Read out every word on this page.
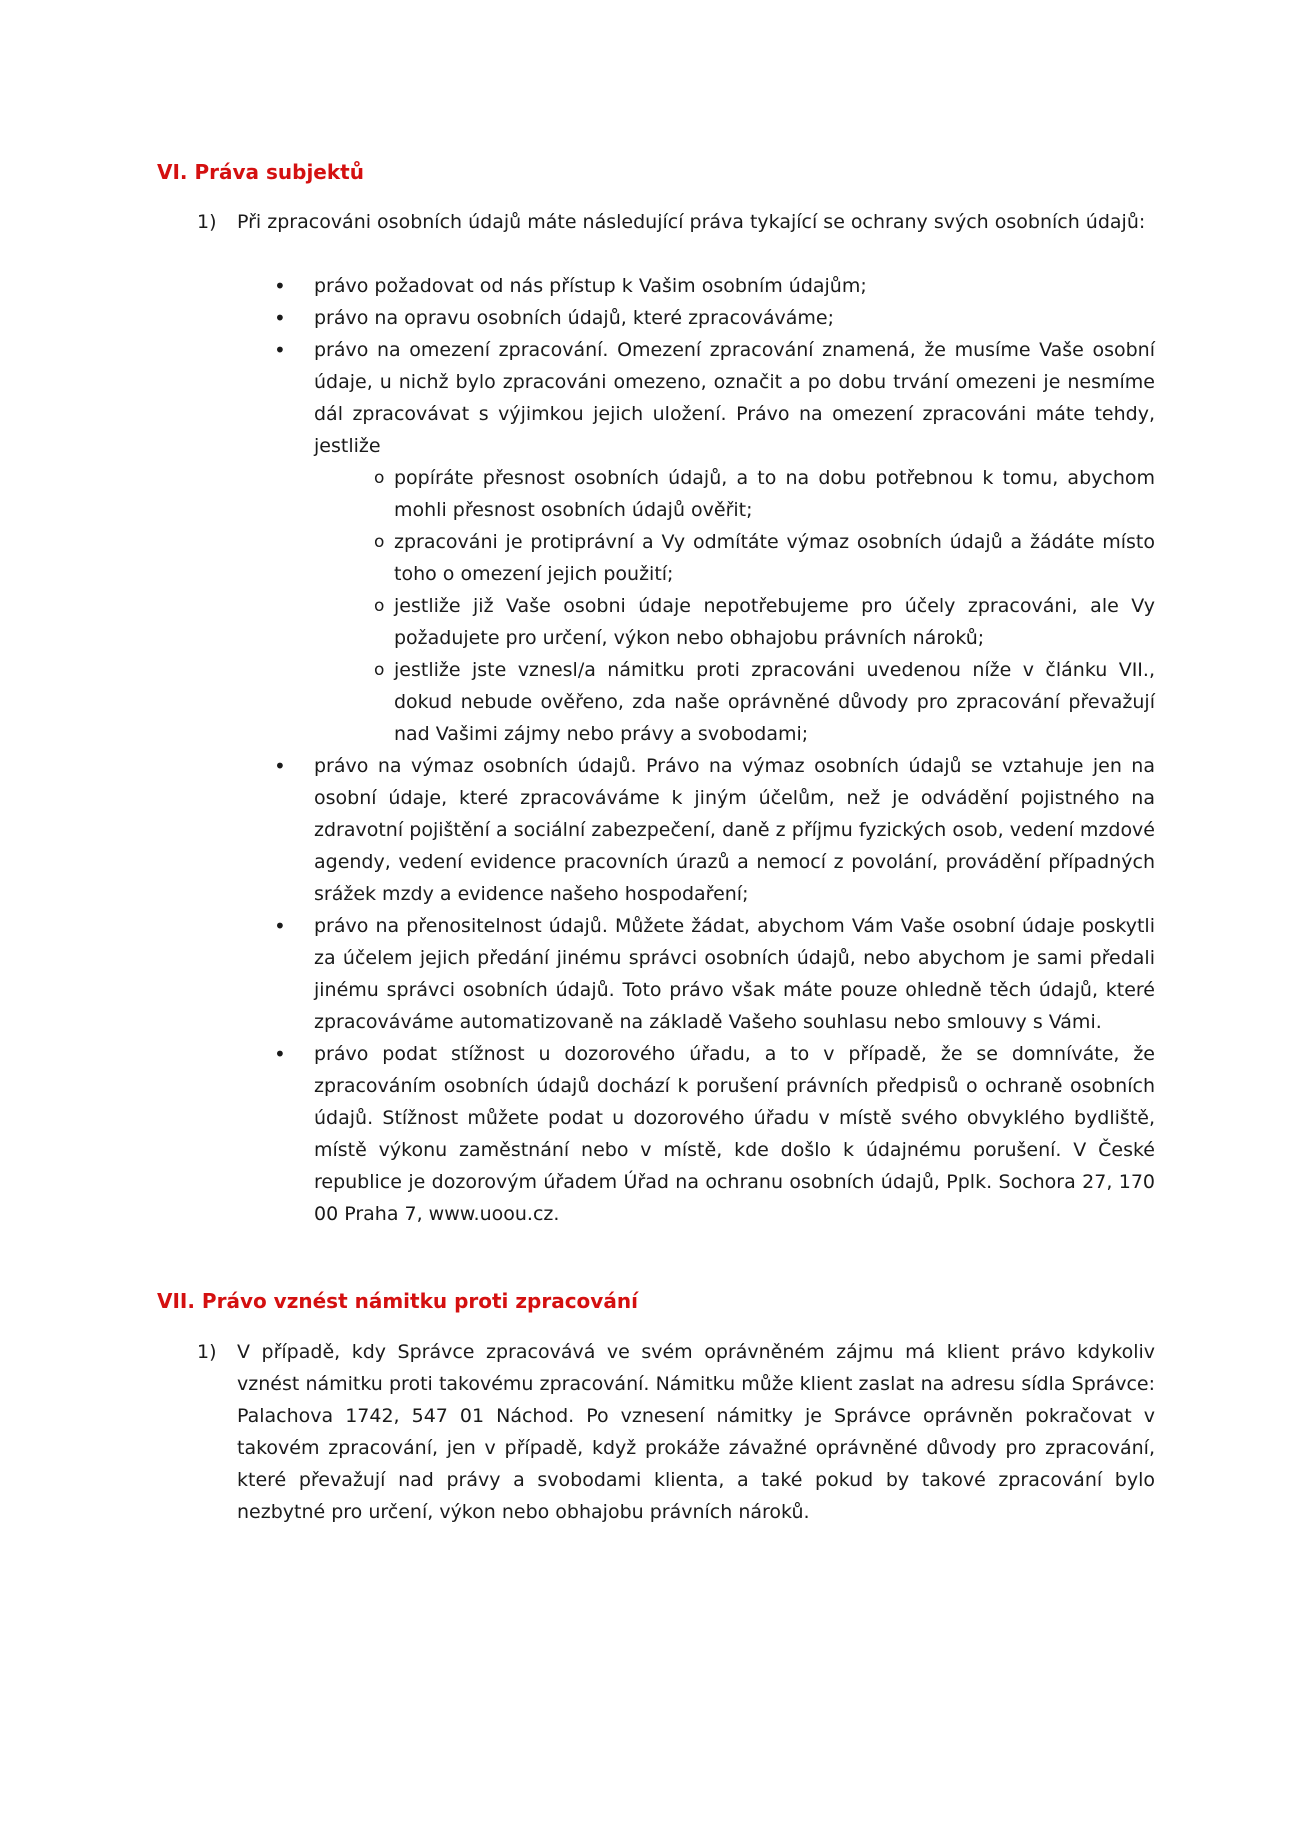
VI. Práva subjektů
1) Při zpracováni osobních údajů máte následující práva tykající se ochrany svých osobních údajů:
• právo požadovat od nás přístup k Vašim osobním údajům;
• právo na opravu osobních údajů, které zpracováváme;
• právo na omezení zpracování. Omezení zpracování znamená, že musíme Vaše osobní údaje, u nichž bylo zpracováni omezeno, označit a po dobu trvání omezeni je nesmíme dál zpracovávat s výjimkou jejich uložení. Právo na omezení zpracováni máte tehdy, jestliže
o popíráte přesnost osobních údajů, a to na dobu potřebnou k tomu, abychom mohli přesnost osobních údajů ověřit;
o zpracováni je protiprávní a Vy odmítáte výmaz osobních údajů a žádáte místo toho o omezení jejich použití;
o jestliže již Vaše osobni údaje nepotřebujeme pro účely zpracováni, ale Vy požadujete pro určení, výkon nebo obhajobu právních nároků;
o jestliže jste vznesl/a námitku proti zpracováni uvedenou níže v článku VII., dokud nebude ověřeno, zda naše oprávněné důvody pro zpracování převažují nad Vašimi zájmy nebo právy a svobodami;
• právo na výmaz osobních údajů. Právo na výmaz osobních údajů se vztahuje jen na osobní údaje, které zpracováváme k jiným účelům, než je odvádění pojistného na zdravotní pojištění a sociální zabezpečení, daně z příjmu fyzických osob, vedení mzdové agendy, vedení evidence pracovních úrazů a nemocí z povolání, provádění případných srážek mzdy a evidence našeho hospodaření;
• právo na přenositelnost údajů. Můžete žádat, abychom Vám Vaše osobní údaje poskytli za účelem jejich předání jinému správci osobních údajů, nebo abychom je sami předali jinému správci osobních údajů. Toto právo však máte pouze ohledně těch údajů, které zpracováváme automatizovaně na základě Vašeho souhlasu nebo smlouvy s Vámi.
• právo podat stížnost u dozorového úřadu, a to v případě, že se domníváte, že zpracováním osobních údajů dochází k porušení právních předpisů o ochraně osobních údajů. Stížnost můžete podat u dozorového úřadu v místě svého obvyklého bydliště, místě výkonu zaměstnání nebo v místě, kde došlo k údajnému porušení. V České republice je dozorovým úřadem Úřad na ochranu osobních údajů, Pplk. Sochora 27, 170 00 Praha 7, www.uoou.cz.
VII. Právo vznést námitku proti zpracování
1) V případě, kdy Správce zpracovává ve svém oprávněném zájmu má klient právo kdykoliv vznést námitku proti takovému zpracování. Námitku může klient zaslat na adresu sídla Správce: Palachova 1742, 547 01 Náchod. Po vznesení námitky je Správce oprávněn pokračovat v takovém zpracování, jen v případě, když prokáže závažné oprávněné důvody pro zpracování, které převažují nad právy a svobodami klienta, a také pokud by takové zpracování bylo nezbytné pro určení, výkon nebo obhajobu právních nároků.
